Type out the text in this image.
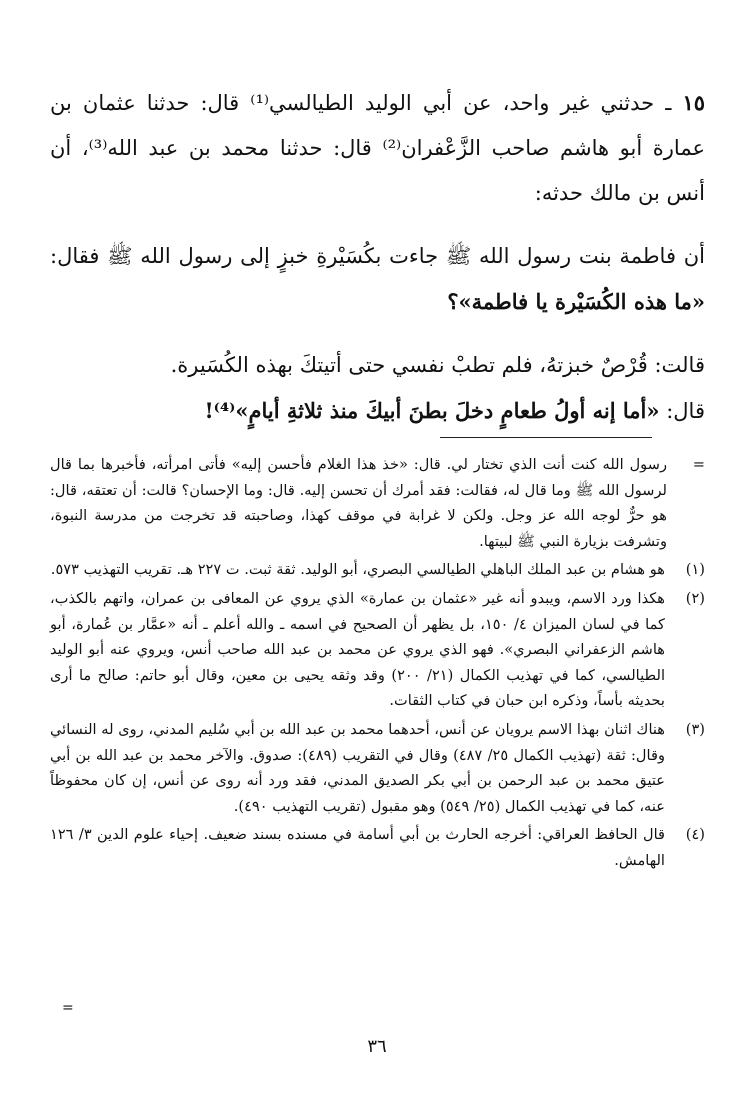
١٥ ـ حدثني غير واحد، عن أبي الوليد الطيالسي⁽¹⁾ قال: حدثنا عثمان بن عمارة أبو هاشم صاحب الزَّعْفران⁽²⁾ قال: حدثنا محمد بن عبد الله⁽³⁾، أن أنس بن مالك حدثه:

أن فاطمة بنت رسول الله ﷺ جاءت بكُسَيْرةِ خبزٍ إلى رسول الله ﷺ فقال: «ما هذه الكُسَيْرة يا فاطمة»؟

قالت: قُرْصٌ خبزتهُ، فلم تطبْ نفسي حتى أتيتكَ بهذه الكُسَيرة.

قال: «أما إنه أولُ طعامٍ دخلَ بطنَ أبيكَ منذ ثلاثةِ أيامٍ»⁽⁴⁾!

=

رسول الله كنت أنت الذي تختار لي. قال: «خذ هذا الغلام فأحسن إليه» فأتى امرأته، فأخبرها بما قال لرسول الله ﷺ وما قال له، فقالت: فقد أمرك أن تحسن إليه. قال: وما الإحسان؟ قالت: أن تعتقه، قال: هو حرٌّ لوجه الله عز وجل. ولكن لا غرابة في موقف كهذا، وصاحبته قد تخرجت من مدرسة النبوة، وتشرفت بزيارة النبي ﷺ لبيتها.

(١)

هو هشام بن عبد الملك الباهلي الطيالسي البصري، أبو الوليد. ثقة ثبت. ت ٢٢٧ هـ. تقريب التهذيب ٥٧٣.

(٢)

هكذا ورد الاسم، ويبدو أنه غير «عثمان بن عمارة» الذي يروي عن المعافى بن عمران، واتهم بالكذب، كما في لسان الميزان ٤/ ١٥٠، بل يظهر أن الصحيح في اسمه ـ والله أعلم ـ أنه «عمَّار بن عُمارة، أبو هاشم الزعفراني البصري». فهو الذي يروي عن محمد بن عبد الله صاحب أنس، ويروي عنه أبو الوليد الطيالسي، كما في تهذيب الكمال (٢١/ ٢٠٠) وقد وثقه يحيى بن معين، وقال أبو حاتم: صالح ما أرى بحديثه بأساً، وذكره ابن حبان في كتاب الثقات.

(٣)

هناك اثنان بهذا الاسم يرويان عن أنس، أحدهما محمد بن عبد الله بن أبي سُليم المدني، روى له النسائي وقال: ثقة (تهذيب الكمال ٢٥/ ٤٨٧) وقال في التقريب (٤٨٩): صدوق. والآخر محمد بن عبد الله بن أبي عتيق محمد بن عبد الرحمن بن أبي بكر الصديق المدني، فقد ورد أنه روى عن أنس، إن كان محفوظاً عنه، كما في تهذيب الكمال (٢٥/ ٥٤٩) وهو مقبول (تقريب التهذيب ٤٩٠).

(٤)

قال الحافظ العراقي: أخرجه الحارث بن أبي أسامة في مسنده بسند ضعيف. إحياء علوم الدين ٣/ ١٢٦ الهامش.

=
٣٦
